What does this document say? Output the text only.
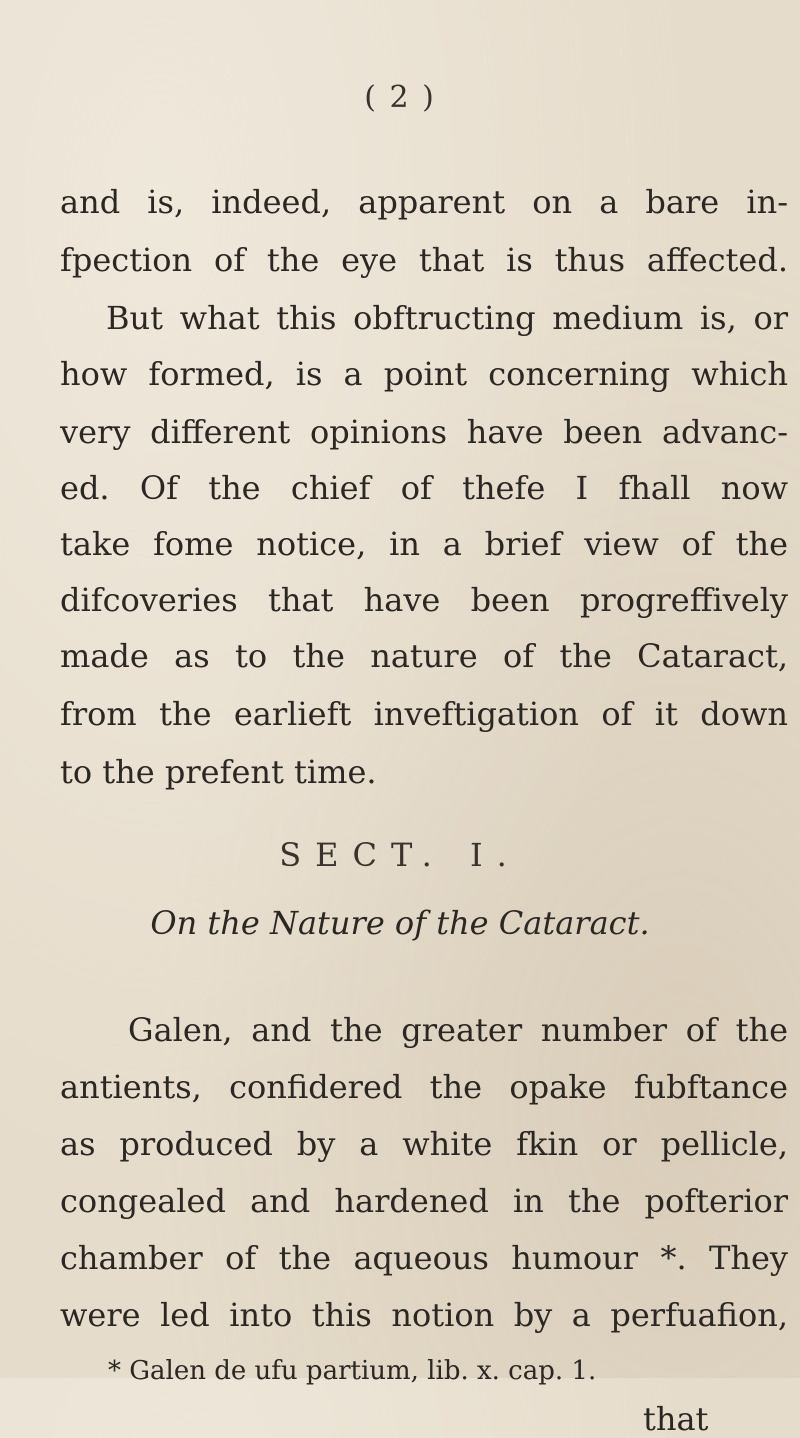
( 2 )
SECT. I.
On the Nature of the Cataract.
* Galen de ufu partium, lib. x. cap. 1.
that
and is, indeed, apparent on a bare in-
fpection of the eye that is thus affected.
But what this obftructing medium is, or
how formed, is a point concerning which
very different opinions have been advanc-
ed. Of the chief of thefe I fhall now
take fome notice, in a brief view of the
difcoveries that have been progreffively
made as to the nature of the Cataract,
from the earlieft inveftigation of it down
to the prefent time.
Galen, and the greater number of the
antients, confidered the opake fubftance
as produced by a white fkin or pellicle,
congealed and hardened in the pofterior
chamber of the aqueous humour *. They
were led into this notion by a perfuafion,
